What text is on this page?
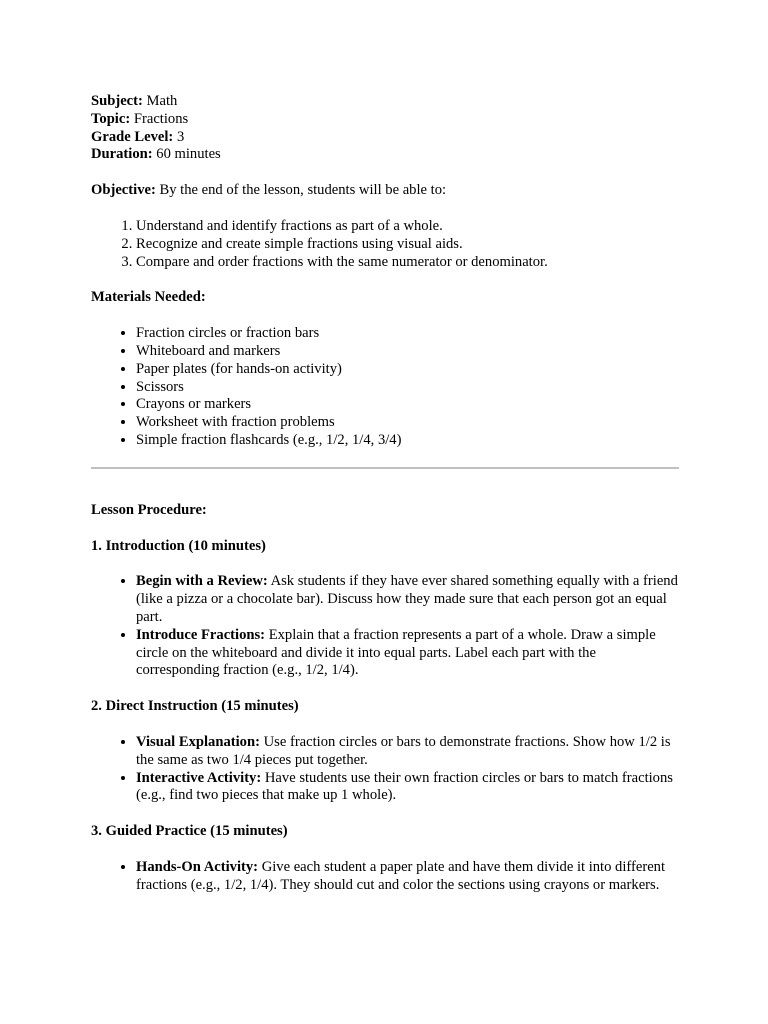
Subject: Math

Topic: Fractions

Grade Level: 3

Duration: 60 minutes

Objective: By the end of the lesson, students will be able to:

1. Understand and identify fractions as part of a whole.
2. Recognize and create simple fractions using visual aids.
3. Compare and order fractions with the same numerator or denominator.

Materials Needed:

• Fraction circles or fraction bars
• Whiteboard and markers
• Paper plates (for hands-on activity)
• Scissors
• Crayons or markers
• Worksheet with fraction problems
• Simple fraction flashcards (e.g., 1/2, 1/4, 3/4)

Lesson Procedure:

1. Introduction (10 minutes)

• Begin with a Review: Ask students if they have ever shared something equally with a friend (like a pizza or a chocolate bar). Discuss how they made sure that each person got an equal part.
• Introduce Fractions: Explain that a fraction represents a part of a whole. Draw a simple circle on the whiteboard and divide it into equal parts. Label each part with the corresponding fraction (e.g., 1/2, 1/4).

2. Direct Instruction (15 minutes)

• Visual Explanation: Use fraction circles or bars to demonstrate fractions. Show how 1/2 is the same as two 1/4 pieces put together.
• Interactive Activity: Have students use their own fraction circles or bars to match fractions (e.g., find two pieces that make up 1 whole).

3. Guided Practice (15 minutes)

• Hands-On Activity: Give each student a paper plate and have them divide it into different fractions (e.g., 1/2, 1/4). They should cut and color the sections using crayons or markers.
